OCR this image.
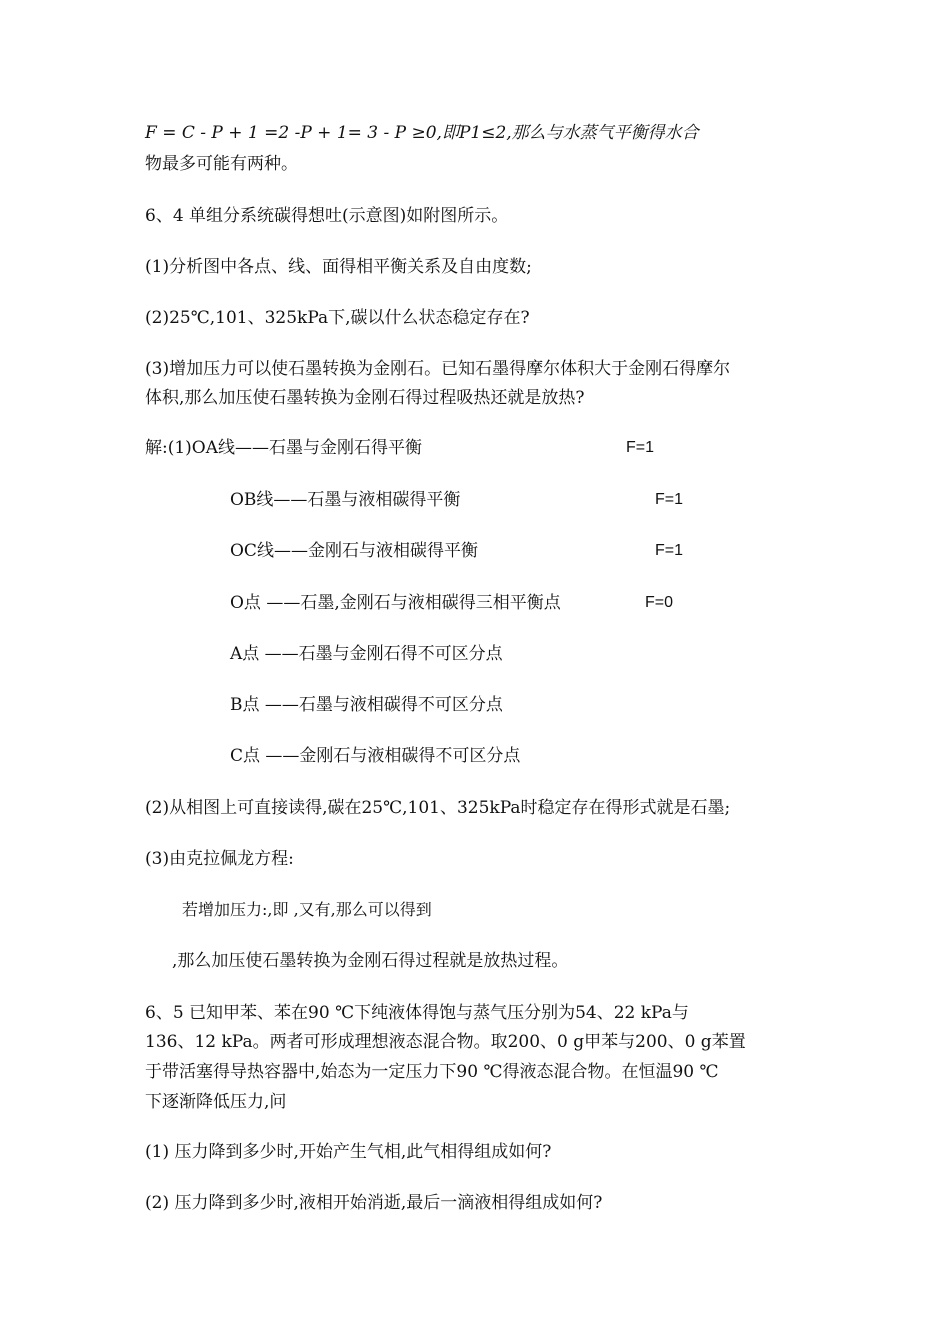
F = C - P + 1 =2 -P + 1= 3 - P ≥0,即P1≤2,那么与水蒸气平衡得水合
物最多可能有两种。
6、4 单组分系统碳得想吐(示意图)如附图所示。
(1)分析图中各点、线、面得相平衡关系及自由度数;
(2)25℃,101、325kPa下,碳以什么状态稳定存在?
(3)增加压力可以使石墨转换为金刚石。已知石墨得摩尔体积大于金刚石得摩尔
体积,那么加压使石墨转换为金刚石得过程吸热还就是放热?
解:(1)OA线——石墨与金刚石得平衡	F=1
OB线——石墨与液相碳得平衡	F=1
OC线——金刚石与液相碳得平衡	F=1
O点 ——石墨,金刚石与液相碳得三相平衡点	F=0
A点 ——石墨与金刚石得不可区分点
B点 ——石墨与液相碳得不可区分点
C点 ——金刚石与液相碳得不可区分点
(2)从相图上可直接读得,碳在25℃,101、325kPa时稳定存在得形式就是石墨;
(3)由克拉佩龙方程:
若增加压力:,即 ,又有,那么可以得到
,那么加压使石墨转换为金刚石得过程就是放热过程。
6、5 已知甲苯、苯在90 ℃下纯液体得饱与蒸气压分别为54、22 kPa与
136、12 kPa。两者可形成理想液态混合物。取200、0 g甲苯与200、0 g苯置
于带活塞得导热容器中,始态为一定压力下90 ℃得液态混合物。在恒温90 ℃
下逐渐降低压力,问
(1) 压力降到多少时,开始产生气相,此气相得组成如何?
(2) 压力降到多少时,液相开始消逝,最后一滴液相得组成如何?
